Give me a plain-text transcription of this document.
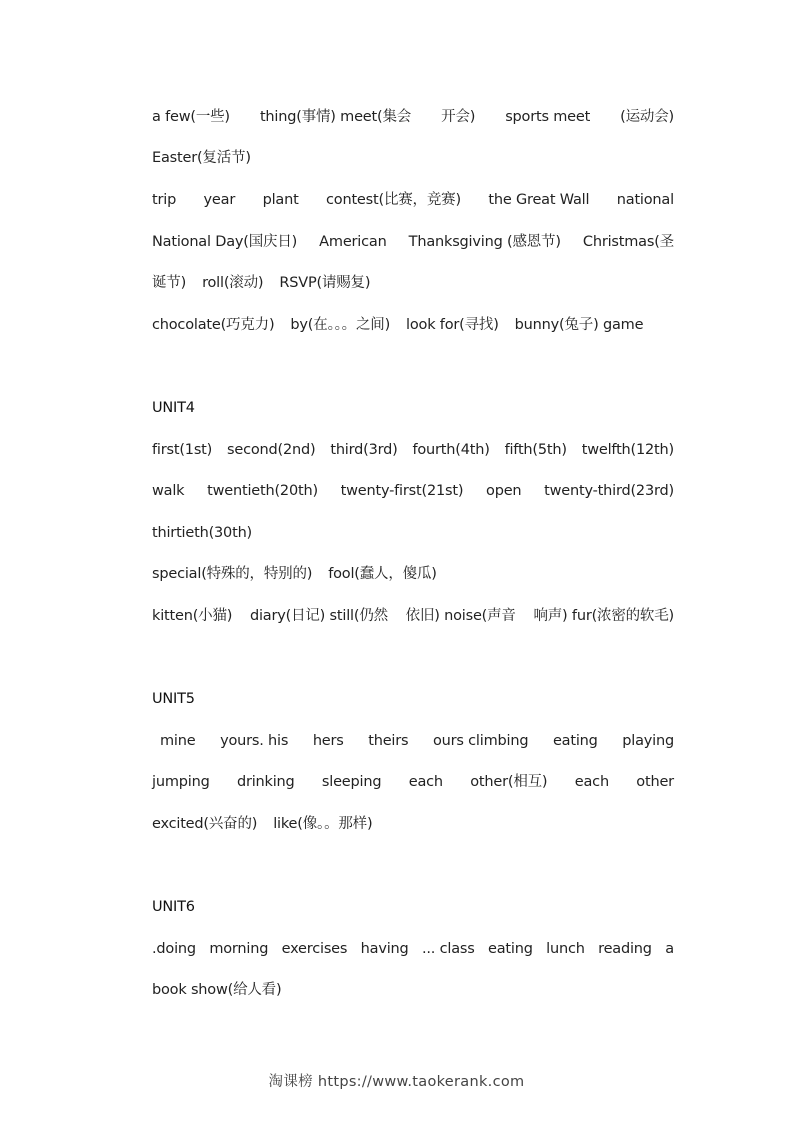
a few(一些) thing(事情) meet(集会 开会) sports meet (运动会)
Easter(复活节)
trip year plant contest(比赛，竞赛) the Great Wall national
National Day(国庆日) American Thanksgiving (感恩节) Christmas(圣
诞节) roll(滚动) RSVP(请赐复)
chocolate(巧克力) by(在。。。之间) look for(寻找) bunny(兔子) game
UNIT4
first(1st) second(2nd) third(3rd) fourth(4th) fifth(5th) twelfth(12th)
walk twentieth(20th) twenty-first(21st) open twenty-third(23rd)
thirtieth(30th)
special(特殊的，特别的) fool(蠢人，傻瓜)
kitten(小猫) diary(日记) still(仍然 依旧) noise(声音 响声) fur(浓密的软毛)
UNIT5
mine yours. his hers theirs ours climbing eating playing
jumping drinking sleeping each other(相互) each other
excited(兴奋的) like(像。。那样)
UNIT6
.doing morning exercises having ... class eating lunch reading a
book show(给人看)
淘课榜 https://www.taokerank.com
